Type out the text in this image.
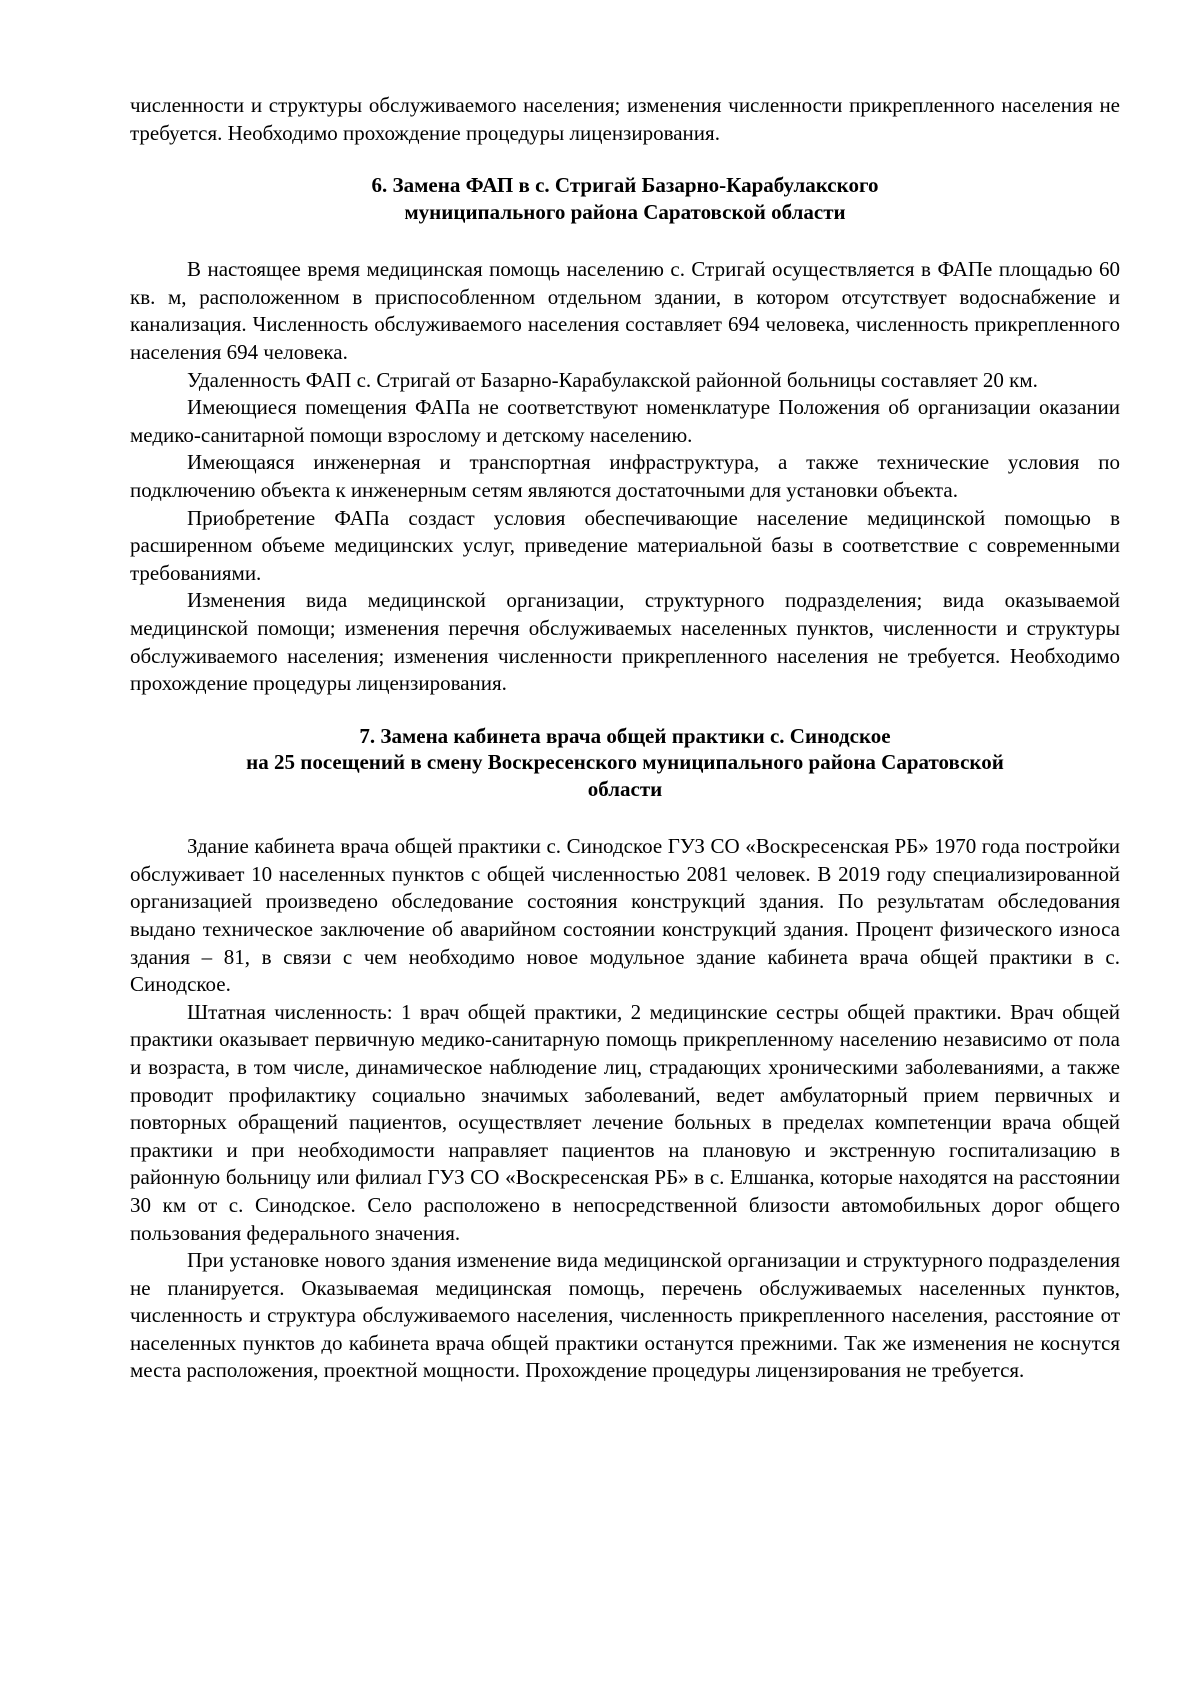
численности и структуры обслуживаемого населения; изменения численности прикрепленного населения не требуется. Необходимо прохождение процедуры лицензирования.

6. Замена ФАП в с. Стригай Базарно-Карабулакского

муниципального района Саратовской области

В настоящее время медицинская помощь населению с. Стригай осуществляется в ФАПе площадью 60 кв. м, расположенном в приспособленном отдельном здании, в котором отсутствует водоснабжение и канализация. Численность обслуживаемого населения составляет 694 человека, численность прикрепленного населения 694 человека.

Удаленность ФАП с. Стригай от Базарно-Карабулакской районной больницы составляет 20 км.

Имеющиеся помещения ФАПа не соответствуют номенклатуре Положения об организации оказании медико-санитарной помощи взрослому и детскому населению.

Имеющаяся инженерная и транспортная инфраструктура, а также технические условия по подключению объекта к инженерным сетям являются достаточными для установки объекта.

Приобретение ФАПа создаст условия обеспечивающие население медицинской помощью в расширенном объеме медицинских услуг, приведение материальной базы в соответствие с современными требованиями.

Изменения вида медицинской организации, структурного подразделения; вида оказываемой медицинской помощи; изменения перечня обслуживаемых населенных пунктов, численности и структуры обслуживаемого населения; изменения численности прикрепленного населения не требуется. Необходимо прохождение процедуры лицензирования.

7. Замена кабинета врача общей практики с. Синодское

на 25 посещений в смену Воскресенского муниципального района Саратовской

области

Здание кабинета врача общей практики с. Синодское ГУЗ СО «Воскресенская РБ» 1970 года постройки обслуживает 10 населенных пунктов с общей численностью 2081 человек. В 2019 году специализированной организацией произведено обследование состояния конструкций здания. По результатам обследования выдано техническое заключение об аварийном состоянии конструкций здания. Процент физического износа здания – 81, в связи с чем необходимо новое модульное здание кабинета врача общей практики в с. Синодское.

Штатная численность: 1 врач общей практики, 2 медицинские сестры общей практики. Врач общей практики оказывает первичную медико-санитарную помощь прикрепленному населению независимо от пола и возраста, в том числе, динамическое наблюдение лиц, страдающих хроническими заболеваниями, а также проводит профилактику социально значимых заболеваний, ведет амбулаторный прием первичных и повторных обращений пациентов, осуществляет лечение больных в пределах компетенции врача общей практики и при необходимости направляет пациентов на плановую и экстренную госпитализацию в районную больницу или филиал ГУЗ СО «Воскресенская РБ» в с. Елшанка, которые находятся на расстоянии 30 км от с. Синодское. Село расположено в непосредственной близости автомобильных дорог общего пользования федерального значения.

При установке нового здания изменение вида медицинской организации и структурного подразделения не планируется. Оказываемая медицинская помощь, перечень обслуживаемых населенных пунктов, численность и структура обслуживаемого населения, численность прикрепленного населения, расстояние от населенных пунктов до кабинета врача общей практики останутся прежними. Так же изменения не коснутся места расположения, проектной мощности. Прохождение процедуры лицензирования не требуется.
